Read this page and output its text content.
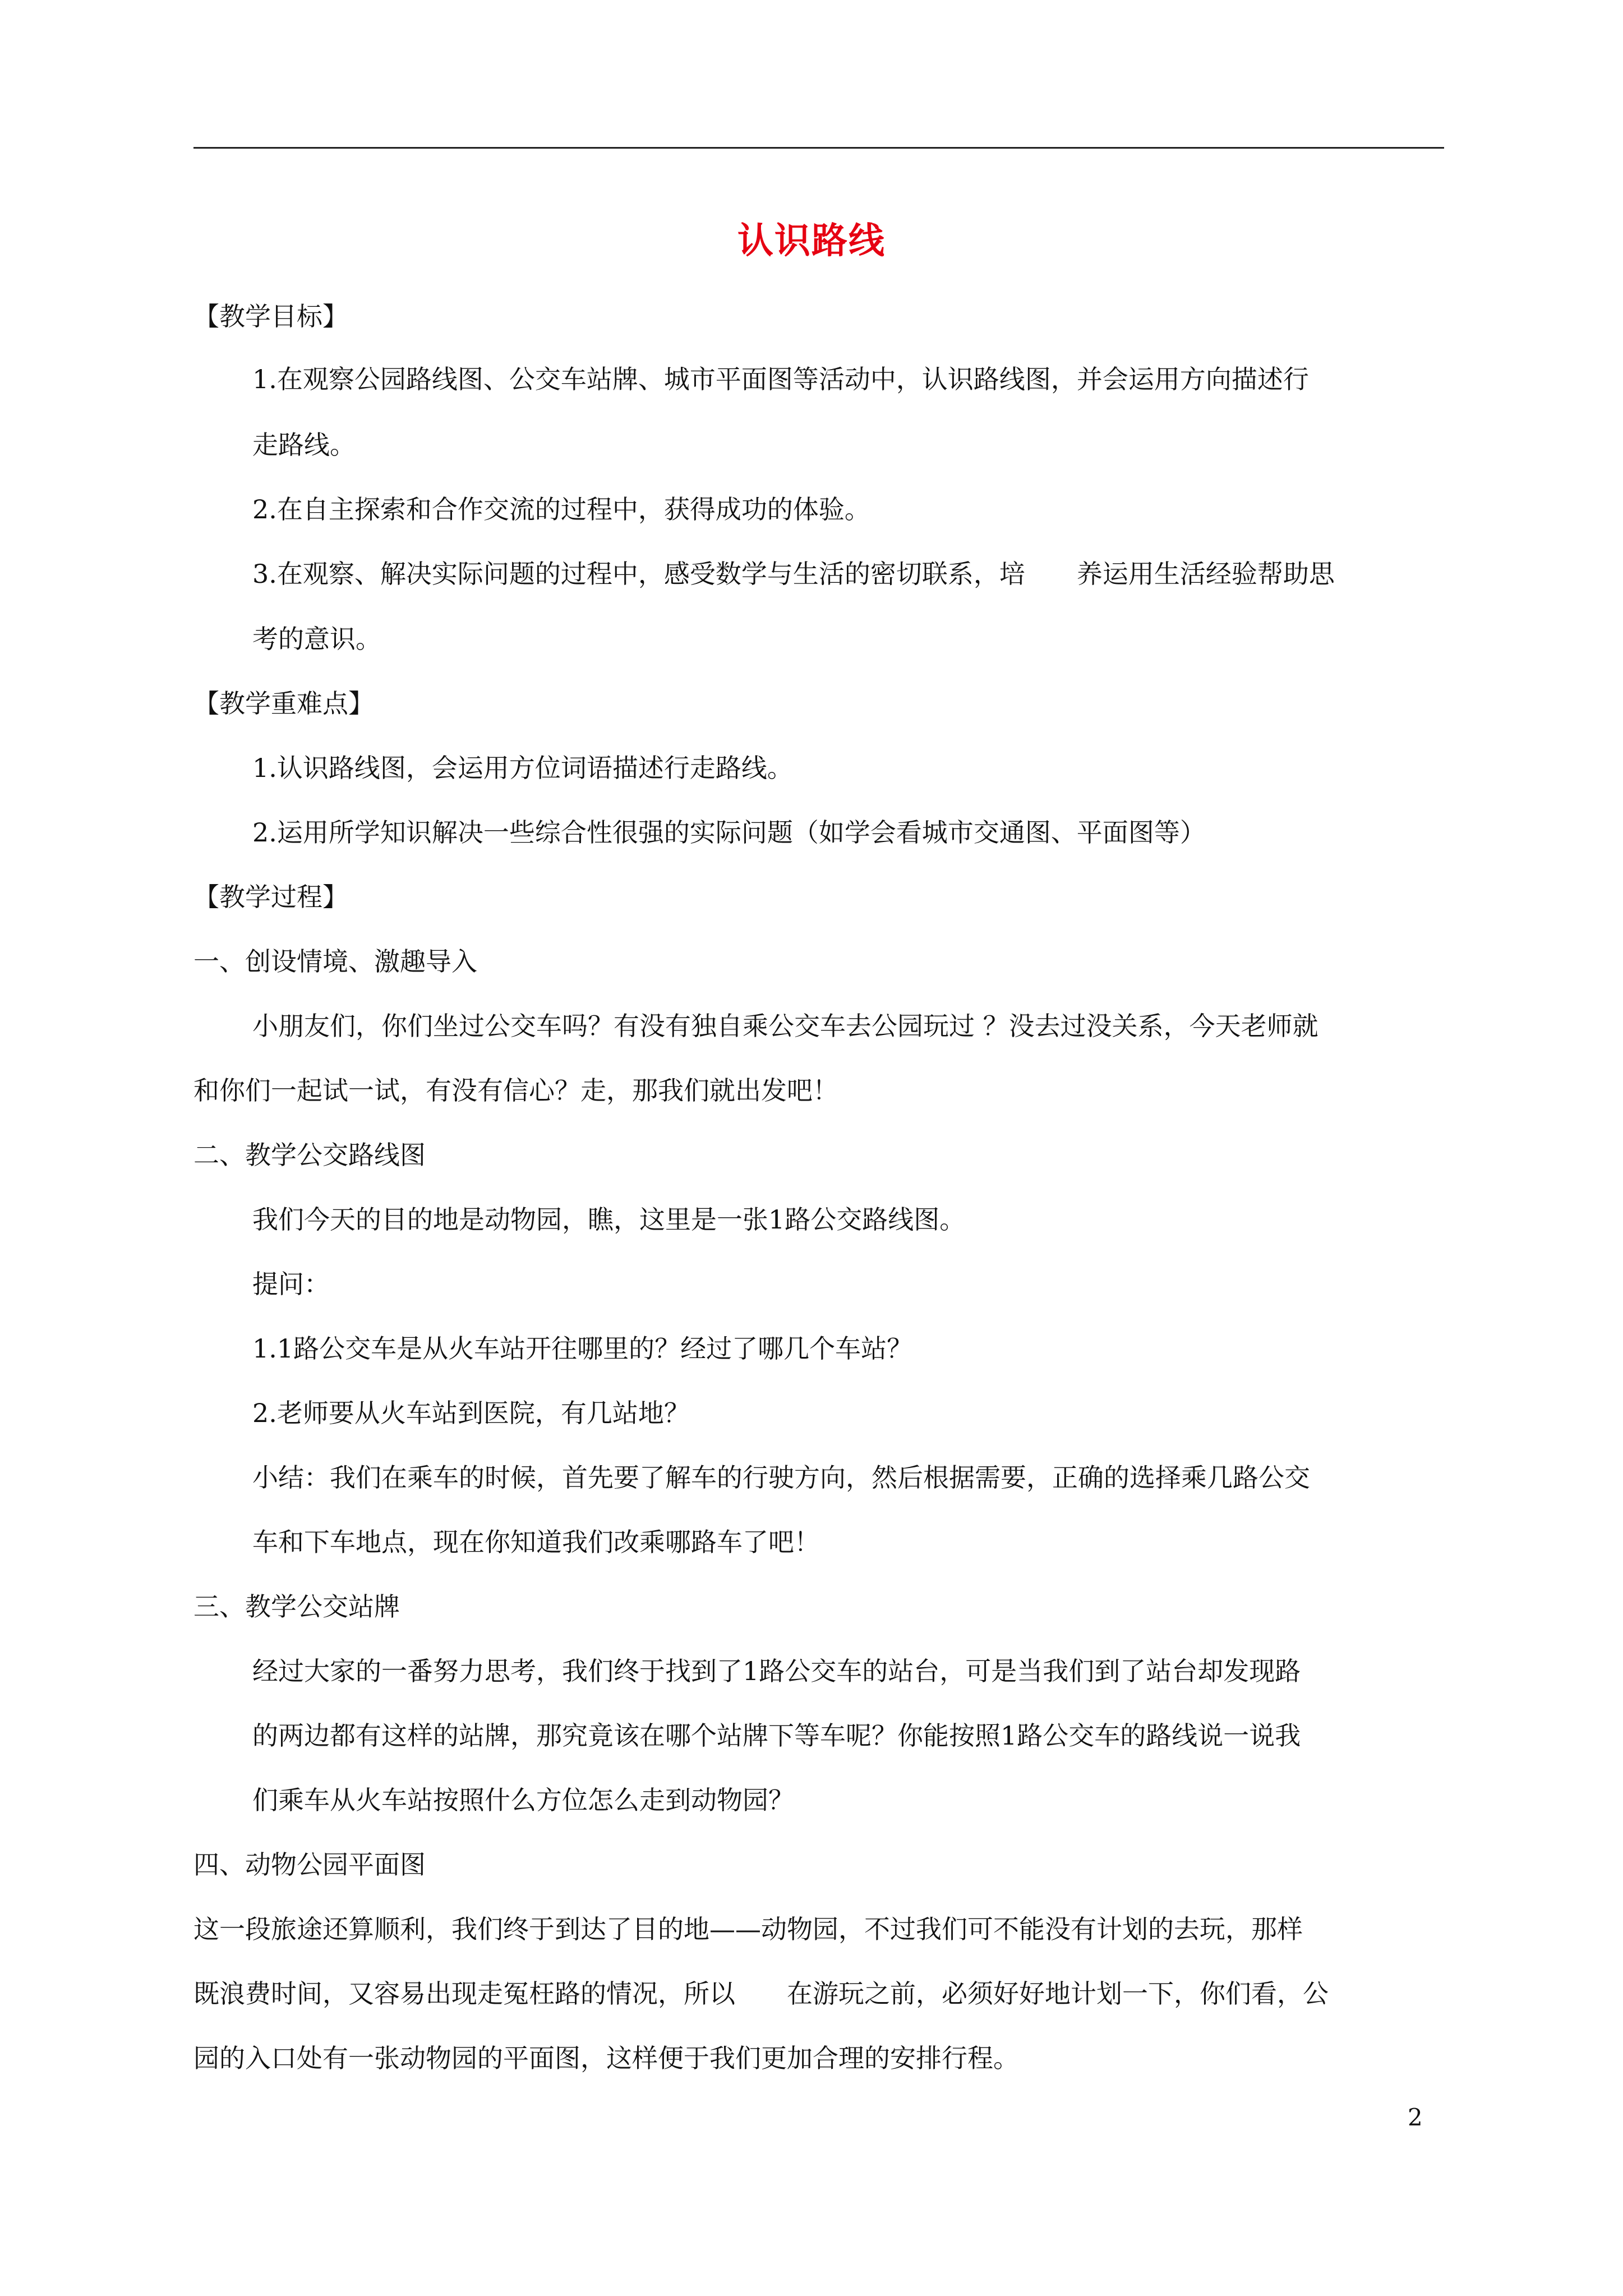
认识路线
【教学目标】
1.在观察公园路线图、公交车站牌、城市平面图等活动中，认识路线图，并会运用方向描述行
走路线。
2.在自主探索和合作交流的过程中，获得成功的体验。
3.在观察、解决实际问题的过程中，感受数学与生活的密切联系，培　　养运用生活经验帮助思
考的意识。
【教学重难点】
1.认识路线图，会运用方位词语描述行走路线。
2.运用所学知识解决一些综合性很强的实际问题（如学会看城市交通图、平面图等）
【教学过程】
一、创设情境、激趣导入
小朋友们，你们坐过公交车吗？有没有独自乘公交车去公园玩过 ？没去过没关系，今天老师就
和你们一起试一试，有没有信心？走，那我们就出发吧！
二、教学公交路线图
我们今天的目的地是动物园，瞧，这里是一张1路公交路线图。
提问：
1.1路公交车是从火车站开往哪里的？经过了哪几个车站？
2.老师要从火车站到医院，有几站地？
小结：我们在乘车的时候，首先要了解车的行驶方向，然后根据需要，正确的选择乘几路公交
车和下车地点，现在你知道我们改乘哪路车了吧！
三、教学公交站牌
经过大家的一番努力思考，我们终于找到了1路公交车的站台，可是当我们到了站台却发现路
的两边都有这样的站牌，那究竟该在哪个站牌下等车呢？你能按照1路公交车的路线说一说我
们乘车从火车站按照什么方位怎么走到动物园？
四、动物公园平面图
这一段旅途还算顺利，我们终于到达了目的地——动物园，不过我们可不能没有计划的去玩，那样
既浪费时间，又容易出现走冤枉路的情况，所以　　在游玩之前，必须好好地计划一下，你们看，公
园的入口处有一张动物园的平面图，这样便于我们更加合理的安排行程。
2
